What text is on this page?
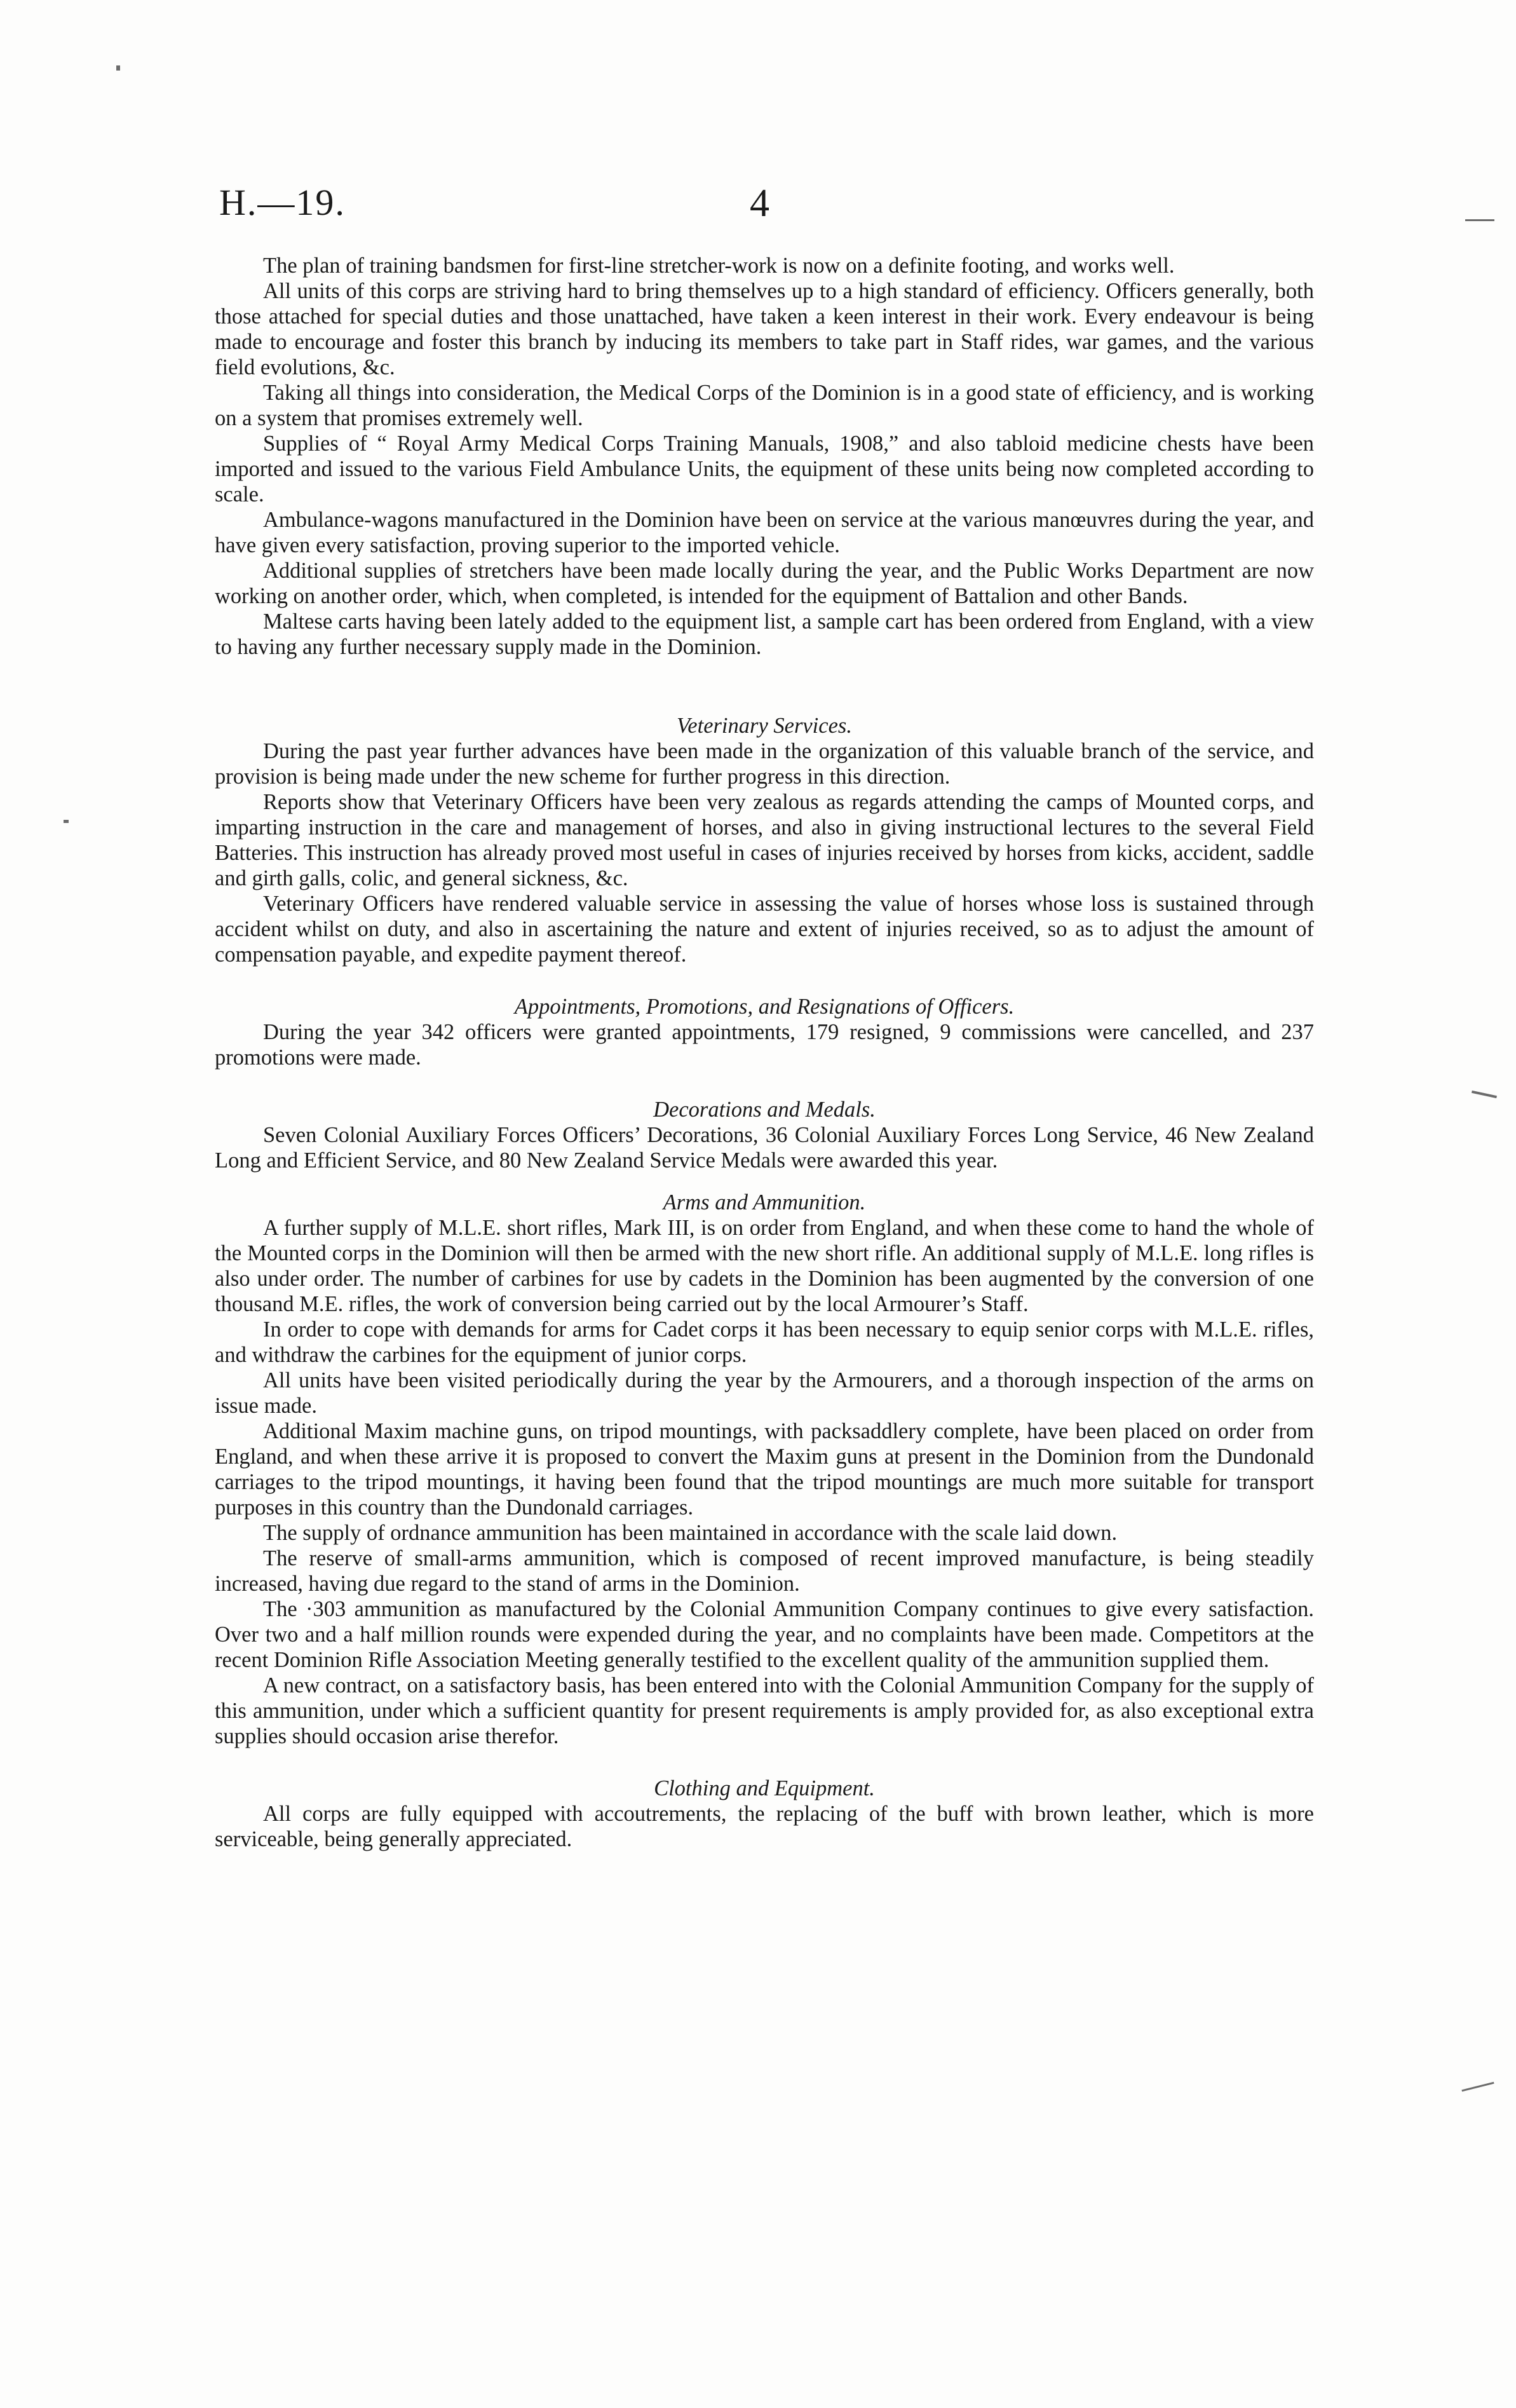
H.—19.	4

The plan of training bandsmen for first-line stretcher-work is now on a definite footing, and works well.

All units of this corps are striving hard to bring themselves up to a high standard of efficiency. Officers generally, both those attached for special duties and those unattached, have taken a keen interest in their work. Every endeavour is being made to encourage and foster this branch by inducing its members to take part in Staff rides, war games, and the various field evolutions, &c.

Taking all things into consideration, the Medical Corps of the Dominion is in a good state of efficiency, and is working on a system that promises extremely well.

Supplies of “ Royal Army Medical Corps Training Manuals, 1908,” and also tabloid medicine chests have been imported and issued to the various Field Ambulance Units, the equipment of these units being now completed according to scale.

Ambulance-wagons manufactured in the Dominion have been on service at the various manœuvres during the year, and have given every satisfaction, proving superior to the imported vehicle.

Additional supplies of stretchers have been made locally during the year, and the Public Works Department are now working on another order, which, when completed, is intended for the equipment of Battalion and other Bands.

Maltese carts having been lately added to the equipment list, a sample cart has been ordered from England, with a view to having any further necessary supply made in the Dominion.

Veterinary Services.

During the past year further advances have been made in the organization of this valuable branch of the service, and provision is being made under the new scheme for further progress in this direction.

Reports show that Veterinary Officers have been very zealous as regards attending the camps of Mounted corps, and imparting instruction in the care and management of horses, and also in giving instructional lectures to the several Field Batteries. This instruction has already proved most useful in cases of injuries received by horses from kicks, accident, saddle and girth galls, colic, and general sickness, &c.

Veterinary Officers have rendered valuable service in assessing the value of horses whose loss is sustained through accident whilst on duty, and also in ascertaining the nature and extent of injuries received, so as to adjust the amount of compensation payable, and expedite payment thereof.

Appointments, Promotions, and Resignations of Officers.

During the year 342 officers were granted appointments, 179 resigned, 9 commissions were cancelled, and 237 promotions were made.

Decorations and Medals.

Seven Colonial Auxiliary Forces Officers’ Decorations, 36 Colonial Auxiliary Forces Long Service, 46 New Zealand Long and Efficient Service, and 80 New Zealand Service Medals were awarded this year.

Arms and Ammunition.

A further supply of M.L.E. short rifles, Mark III, is on order from England, and when these come to hand the whole of the Mounted corps in the Dominion will then be armed with the new short rifle. An additional supply of M.L.E. long rifles is also under order. The number of carbines for use by cadets in the Dominion has been augmented by the conversion of one thousand M.E. rifles, the work of conversion being carried out by the local Armourer’s Staff.

In order to cope with demands for arms for Cadet corps it has been necessary to equip senior corps with M.L.E. rifles, and withdraw the carbines for the equipment of junior corps.

All units have been visited periodically during the year by the Armourers, and a thorough inspection of the arms on issue made.

Additional Maxim machine guns, on tripod mountings, with packsaddlery complete, have been placed on order from England, and when these arrive it is proposed to convert the Maxim guns at present in the Dominion from the Dundonald carriages to the tripod mountings, it having been found that the tripod mountings are much more suitable for transport purposes in this country than the Dundonald carriages.

The supply of ordnance ammunition has been maintained in accordance with the scale laid down.

The reserve of small-arms ammunition, which is composed of recent improved manufacture, is being steadily increased, having due regard to the stand of arms in the Dominion.

The ·303 ammunition as manufactured by the Colonial Ammunition Company continues to give every satisfaction. Over two and a half million rounds were expended during the year, and no complaints have been made. Competitors at the recent Dominion Rifle Association Meeting generally testified to the excellent quality of the ammunition supplied them.

A new contract, on a satisfactory basis, has been entered into with the Colonial Ammunition Company for the supply of this ammunition, under which a sufficient quantity for present requirements is amply provided for, as also exceptional extra supplies should occasion arise therefor.

Clothing and Equipment.

All corps are fully equipped with accoutrements, the replacing of the buff with brown leather, which is more serviceable, being generally appreciated.
